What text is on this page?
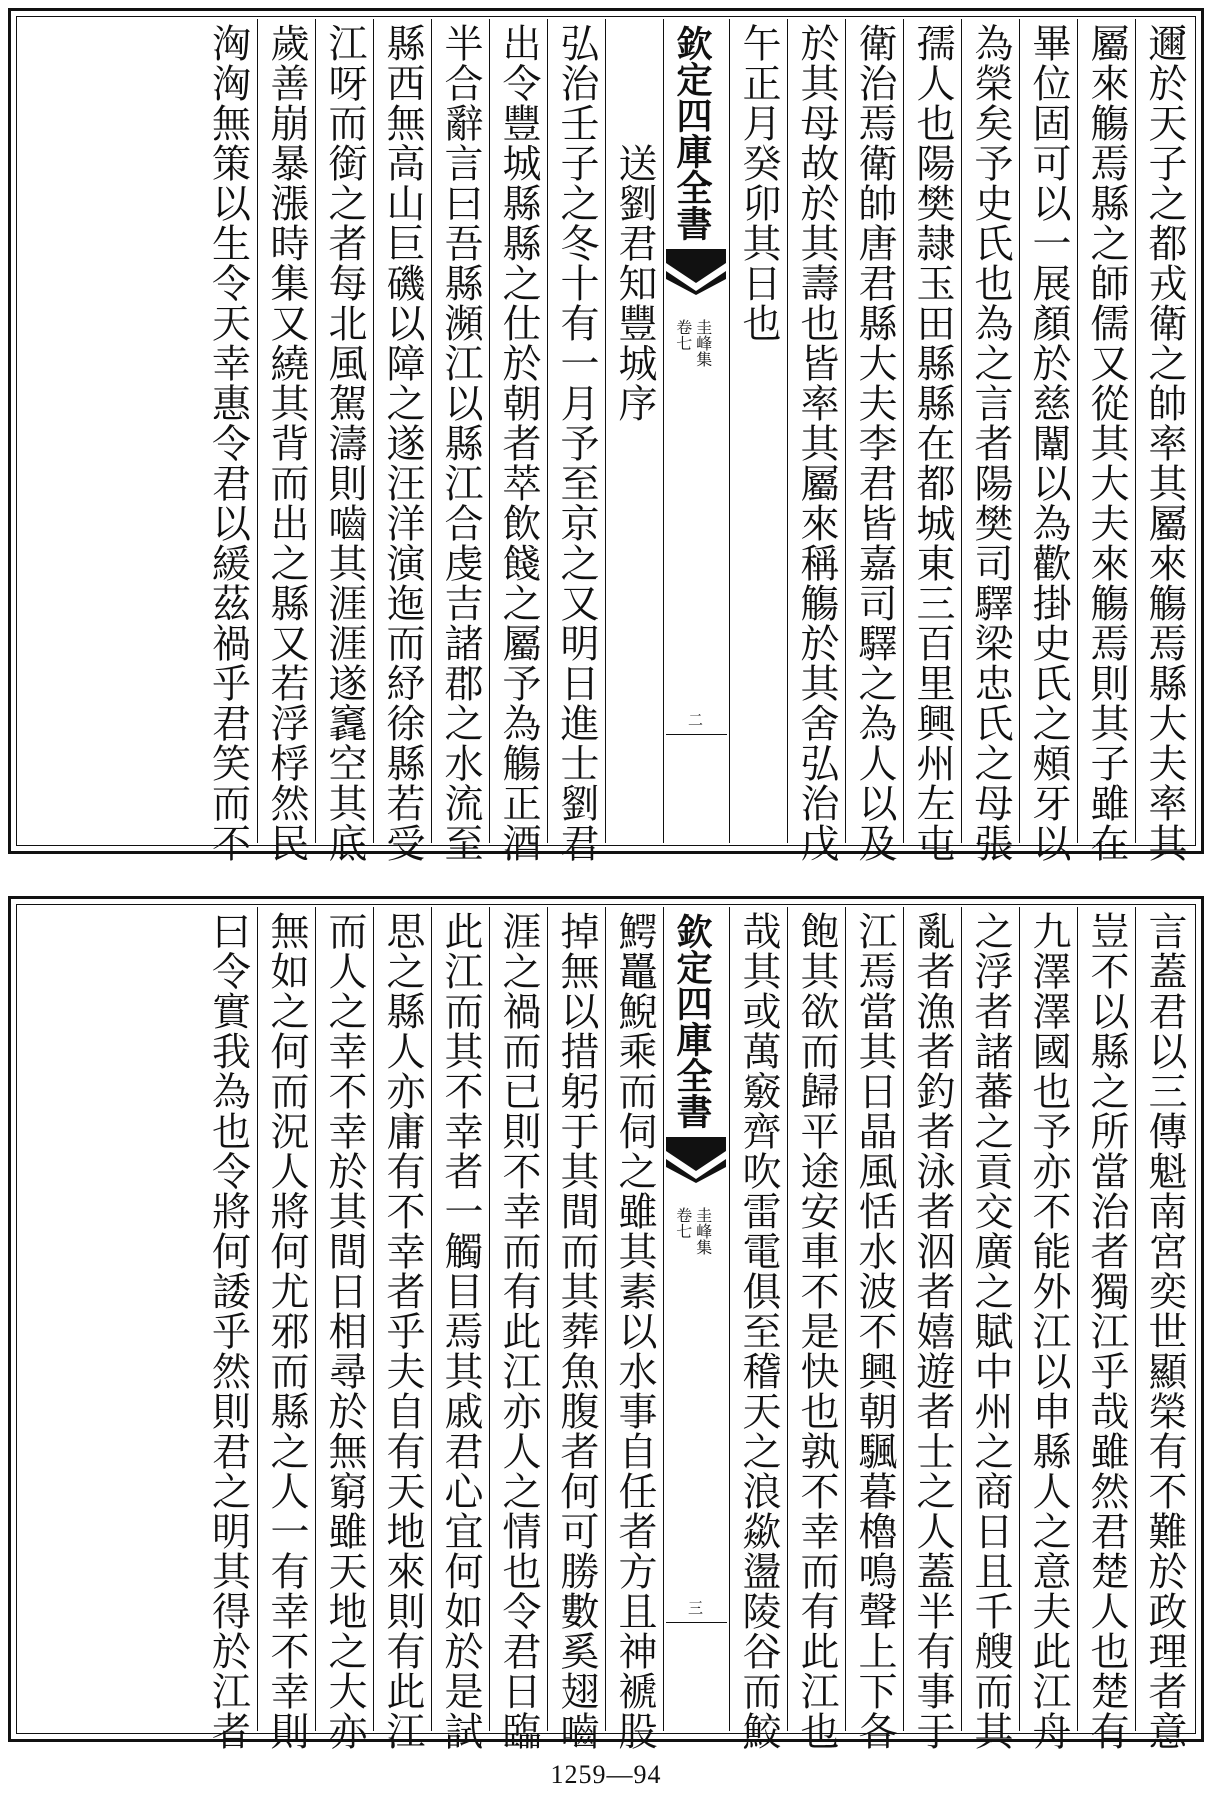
邇於天子之都戎衛之帥率其屬來觴焉縣大夫率其
屬來觴焉縣之師儒又從其大夫來觴焉則其子雖在
畢位固可以一展顏於慈闈以為歡掛史氏之頰牙以
為榮矣予史氏也為之言者陽樊司驛梁忠氏之母張
孺人也陽樊隷玉田縣縣在都城東三百里興州左屯
衛治焉衛帥唐君縣大夫李君皆嘉司驛之為人以及
於其母故於其壽也皆率其屬來稱觴於其舍弘治戊
午正月癸卯其日也
欽定四庫全書
圭峰集
卷七
二
送劉君知豐城序
弘治壬子之冬十有一月予至京之又明日進士劉君
出令豐城縣縣之仕於朝者萃飲餞之屬予為觴正酒
半合辭言曰吾縣瀕江以縣江合虔吉諸郡之水流至
縣西無高山巨磯以障之遂汪洋演迤而紓徐縣若受
江呀而銜之者每北風駕濤則嚙其涯涯遂竁空其底
歲善崩暴漲時集又繞其背而出之縣又若浮桴然民
洶洶無策以生令天幸惠令君以緩茲禍乎君笑而不
言蓋君以三傳魁南宮奕世顯榮有不難於政理者意
豈不以縣之所當治者獨江乎哉雖然君楚人也楚有
九澤澤國也予亦不能外江以申縣人之意夫此江舟
之浮者諸蕃之貢交廣之賦中州之商日且千艘而其
亂者漁者釣者泳者泅者嬉遊者士之人蓋半有事于
江焉當其日晶風恬水波不興朝颿暮櫓鳴聲上下各
飽其欲而歸平途安車不是快也孰不幸而有此江也
哉其或萬竅齊吹雷電俱至稽天之浪歘盪陵谷而鮫
欽定四庫全書
圭峰集
卷七
三
鰐鼉鯢乘而伺之雖其素以水事自任者方且神褫股
掉無以措躬于其間而其葬魚腹者何可勝數奚翅嚙
涯之禍而已則不幸而有此江亦人之情也令君日臨
此江而其不幸者一觸目焉其戚君心宜何如於是試
思之縣人亦庸有不幸者乎夫自有天地來則有此江
而人之幸不幸於其間日相尋於無窮雖天地之大亦
無如之何而況人將何尤邪而縣之人一有幸不幸則
曰令實我為也令將何諉乎然則君之明其得於江者
1259—94
